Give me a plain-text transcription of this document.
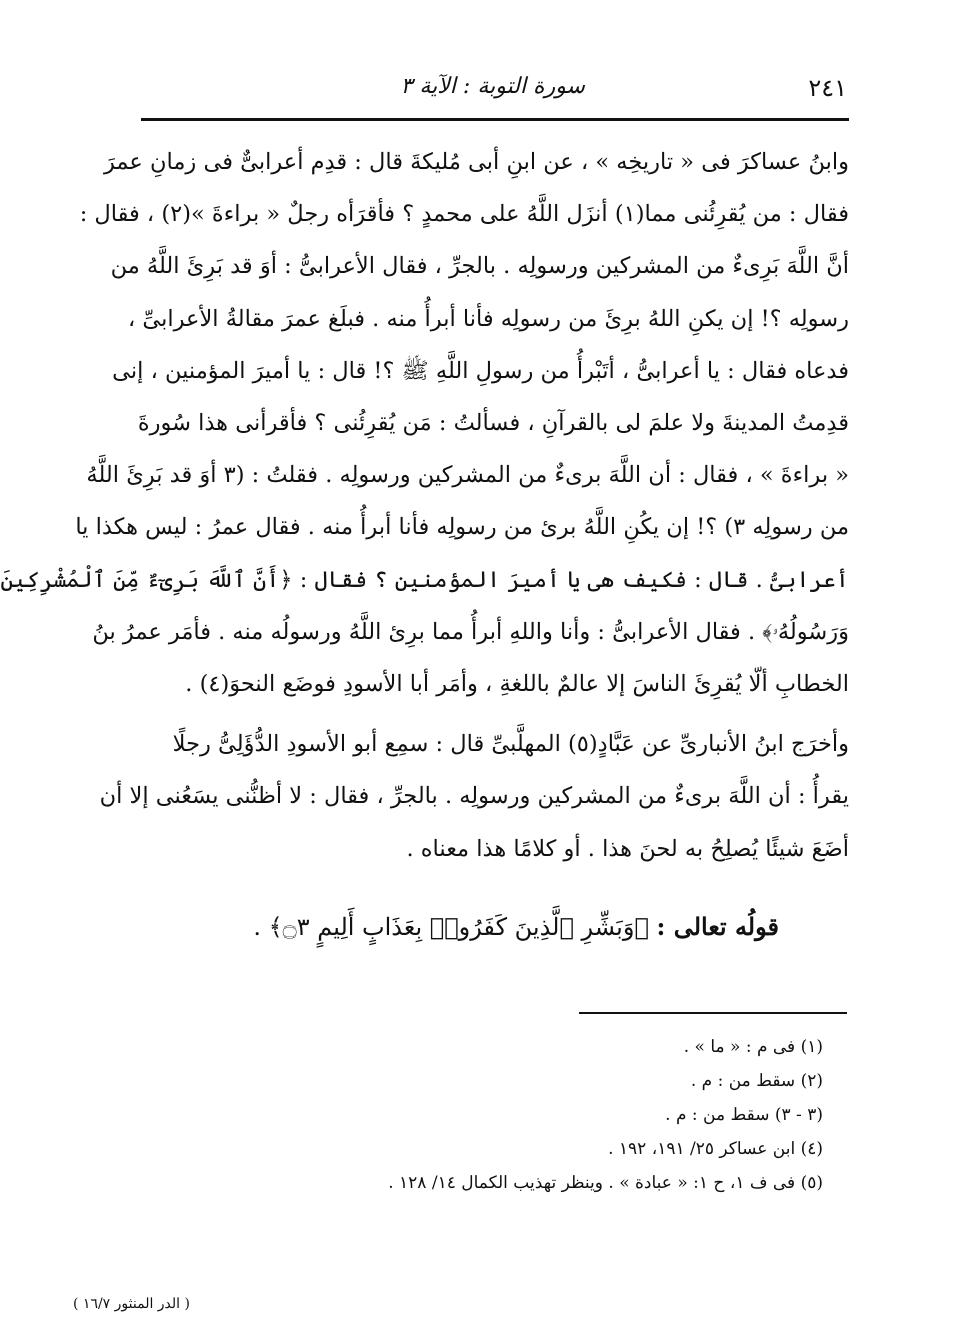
٢٤١
سورة التوبة : الآية ٣

وابنُ عساكرَ فى « تاريخِه » ، عن ابنِ أبى مُليكةَ قال : قدِم أعرابىٌّ فى زمانِ عمرَ
فقال : من يُقرِئُنى مما(١) أنزَل اللَّهُ على محمدٍ ؟ فأقرَأه رجلٌ « براءةَ »(٢) ، فقال :
أنَّ اللَّهَ بَرِىءٌ من المشركين ورسولِه . بالجرِّ ، فقال الأعرابىُّ : أوَ قد بَرِئَ اللَّهُ من
رسولِه ؟! إن يكنِ اللهُ برِئَ من رسولِه فأنا أبرأُ منه . فبلَغ عمرَ مقالةُ الأعرابىِّ ،
فدعاه فقال : يا أعرابىُّ ، أتَبْرأُ من رسولِ اللَّهِ ﷺ ؟! قال : يا أميرَ المؤمنين ، إنى
قدِمتُ المدينةَ ولا علمَ لى بالقرآنِ ، فسألتُ : مَن يُقرِئُنى ؟ فأقرأنى هذا سُورةَ
« براءةَ » ، فقال : أن اللَّهَ برىءٌ من المشركين ورسولِه . فقلتُ : (٣ أوَ قد بَرِئَ اللَّهُ
من رسولِه ٣) ؟! إن يكُنِ اللَّهُ برئ من رسولِه فأنا أبرأُ منه . فقال عمرُ : ليس هكذا يا
أعرابىُّ . قال : فكيف هى يا أميرَ المؤمنين ؟ فقال : ﴿أَنَّ ٱللَّهَ بَرِىٓءٌ مِّنَ ٱلْمُشْرِكِينَ
وَرَسُولُهُۥ﴾ . فقال الأعرابىُّ : وأنا واللهِ أبرأُ مما برِئ اللَّهُ ورسولُه منه . فأمَر عمرُ بنُ
الخطابِ ألّا يُقرِئَ الناسَ إلا عالمٌ باللغةِ ، وأمَر أبا الأسودِ فوضَع النحوَ(٤) .

وأخرَج ابنُ الأنبارىِّ عن عَبَّادٍ(٥) المهلَّبىِّ قال : سمِع أبو الأسودِ الدُّؤَلِىُّ رجلًا
يقرأُ : أن اللَّهَ برىءٌ من المشركين ورسولِه . بالجرِّ ، فقال : لا أظنُّنى يسَعُنى إلا أن
أضَعَ شيئًا يُصلِحُ به لحنَ هذا . أو كلامًا هذا معناه .

قولُه تعالى : ﴿وَبَشِّرِ ٱلَّذِينَ كَفَرُوا۟ بِعَذَابٍ أَلِيمٍ ۝٣﴾ .
(١) فى م : « ما » .
(٢) سقط من : م .
(٣ - ٣) سقط من : م .
(٤) ابن عساكر ٢٥/ ١٩١، ١٩٢ .
(٥) فى ف ١، ح ١: « عبادة » . وينظر تهذيب الكمال ١٤/ ١٢٨ .
( الدر المنثور ١٦/٧ )
